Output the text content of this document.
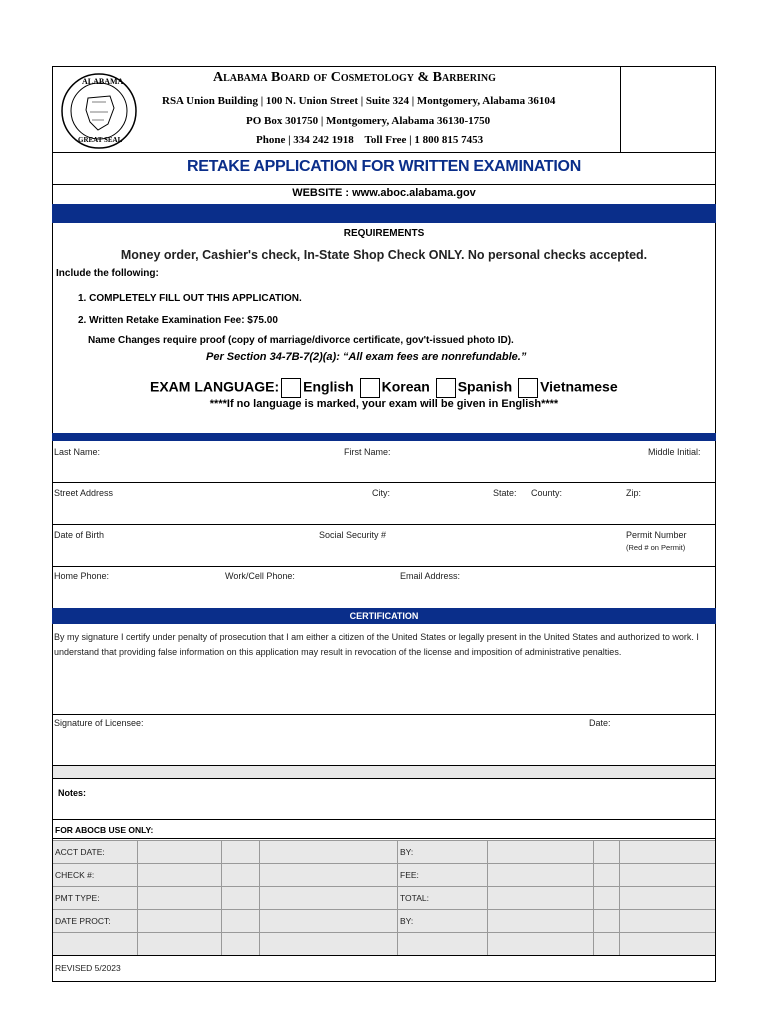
ALABAMA
GREAT SEAL
Alabama Board of Cosmetology & Barbering
RSA Union Building | 100 N. Union Street | Suite 324 | Montgomery, Alabama 36104
PO Box 301750 | Montgomery, Alabama 36130-1750
Phone | 334 242 1918    Toll Free | 1 800 815 7453
RETAKE APPLICATION FOR WRITTEN EXAMINATION
WEBSITE : www.aboc.alabama.gov
REQUIREMENTS
Money order, Cashier's check, In-State Shop Check ONLY. No personal checks accepted.
Include the following:
1. COMPLETELY FILL OUT THIS APPLICATION.
2. Written Retake Examination Fee: $75.00
Name Changes require proof (copy of marriage/divorce certificate, gov't-issued photo ID).
Per Section 34-7B-7(2)(a): “All exam fees are nonrefundable.”
EXAM LANGUAGE: English Korean Spanish Vietnamese
****If no language is marked, your exam will be given in English****
Last Name:	First Name:	Middle Initial:
Street Address	City:	State: County:	Zip:
Date of Birth	Social Security #	Permit Number
(Red # on Permit)
Home Phone:	Work/Cell Phone:	Email Address:
CERTIFICATION
By my signature I certify under penalty of prosecution that I am either a citizen of the United States or legally present in the United States and authorized to work. I understand that providing false information on this application may result in revocation of the license and imposition of administrative penalties.
Signature of Licensee:	Date:
Notes:
FOR ABOCB USE ONLY:
ACCT DATE:	BY:
CHECK #:	FEE:
PMT TYPE:	TOTAL:
DATE PROCT:	BY:
REVISED 5/2023
